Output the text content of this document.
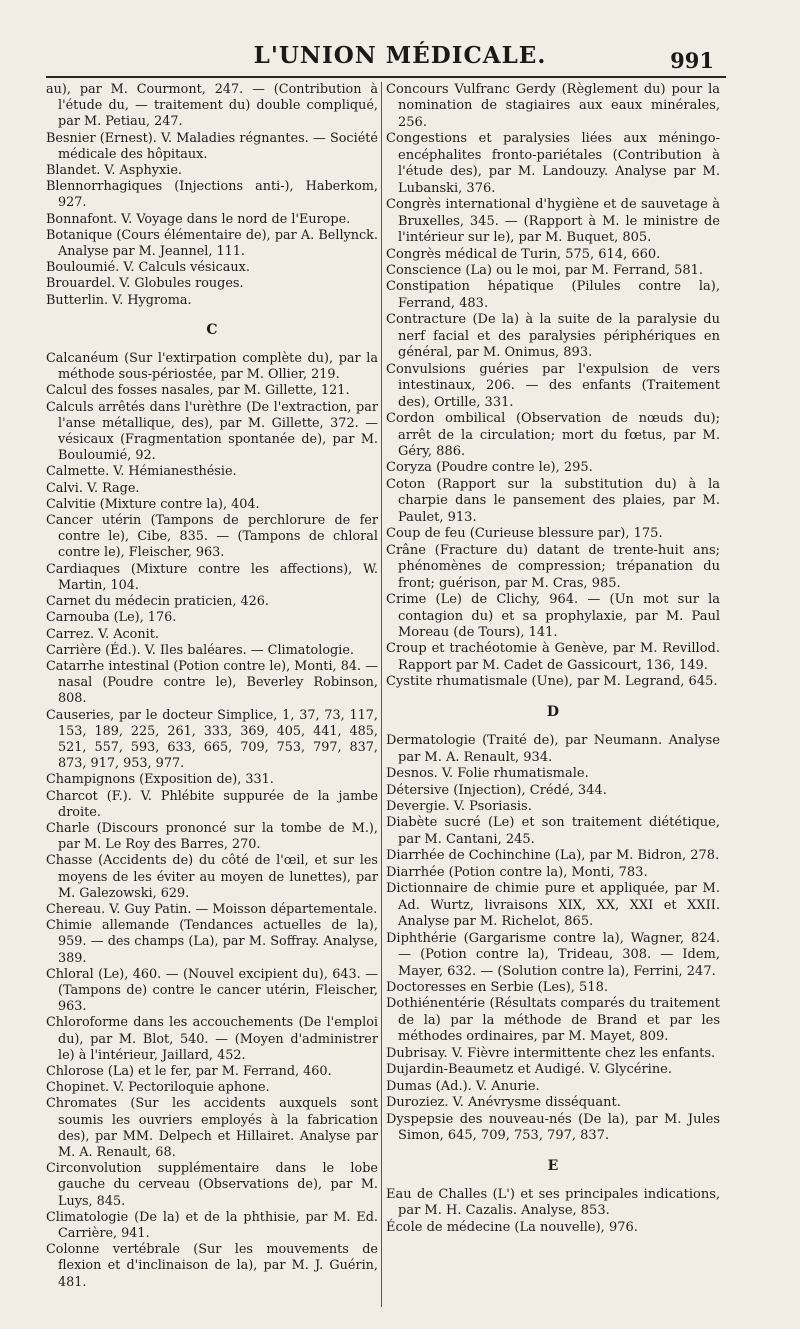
L'UNION MÉDICALE.	991

au), par M. Courmont, 247. — (Contribution à l'étude du, — traitement du) double compliqué, par M. Petiau, 247.

Besnier (Ernest). V. Maladies régnantes. — Société médicale des hôpitaux.

Blandet. V. Asphyxie.

Blennorrhagiques (Injections anti-), Haberkom, 927.

Bonnafont. V. Voyage dans le nord de l'Europe.

Botanique (Cours élémentaire de), par A. Bellynck. Analyse par M. Jeannel, 111.

Bouloumié. V. Calculs vésicaux.

Brouardel. V. Globules rouges.

Butterlin. V. Hygroma.

C

Calcanéum (Sur l'extirpation complète du), par la méthode sous-périostée, par M. Ollier, 219.

Calcul des fosses nasales, par M. Gillette, 121.

Calculs arrêtés dans l'urèthre (De l'extraction, par l'anse métallique, des), par M. Gillette, 372. — vésicaux (Fragmentation spontanée de), par M. Bouloumié, 92.

Calmette. V. Hémianesthésie.

Calvi. V. Rage.

Calvitie (Mixture contre la), 404.

Cancer utérin (Tampons de perchlorure de fer contre le), Cibe, 835. — (Tampons de chloral contre le), Fleischer, 963.

Cardiaques (Mixture contre les affections), W. Martin, 104.

Carnet du médecin praticien, 426.

Carnouba (Le), 176.

Carrez. V. Aconit.

Carrière (Éd.). V. Iles baléares. — Climatologie.

Catarrhe intestinal (Potion contre le), Monti, 84. — nasal (Poudre contre le), Beverley Robinson, 808.

Causeries, par le docteur Simplice, 1, 37, 73, 117, 153, 189, 225, 261, 333, 369, 405, 441, 485, 521, 557, 593, 633, 665, 709, 753, 797, 837, 873, 917, 953, 977.

Champignons (Exposition de), 331.

Charcot (F.). V. Phlébite suppurée de la jambe droite.

Charle (Discours prononcé sur la tombe de M.), par M. Le Roy des Barres, 270.

Chasse (Accidents de) du côté de l'œil, et sur les moyens de les éviter au moyen de lunettes), par M. Galezowski, 629.

Chereau. V. Guy Patin. — Moisson départementale.

Chimie allemande (Tendances actuelles de la), 959. — des champs (La), par M. Soffray. Analyse, 389.

Chloral (Le), 460. — (Nouvel excipient du), 643. — (Tampons de) contre le cancer utérin, Fleischer, 963.

Chloroforme dans les accouchements (De l'emploi du), par M. Blot, 540. — (Moyen d'administrer le) à l'intérieur, Jaillard, 452.

Chlorose (La) et le fer, par M. Ferrand, 460.

Chopinet. V. Pectoriloquie aphone.

Chromates (Sur les accidents auxquels sont soumis les ouvriers employés à la fabrication des), par MM. Delpech et Hillairet. Analyse par M. A. Renault, 68.

Circonvolution supplémentaire dans le lobe gauche du cerveau (Observations de), par M. Luys, 845.

Climatologie (De la) et de la phthisie, par M. Ed. Carrière, 941.

Colonne vertébrale (Sur les mouvements de flexion et d'inclinaison de la), par M. J. Guérin, 481.

Concours Vulfranc Gerdy (Règlement du) pour la nomination de stagiaires aux eaux minérales, 256.

Congestions et paralysies liées aux méningo-encéphalites fronto-pariétales (Contribution à l'étude des), par M. Landouzy. Analyse par M. Lubanski, 376.

Congrès international d'hygiène et de sauvetage à Bruxelles, 345. — (Rapport à M. le ministre de l'intérieur sur le), par M. Buquet, 805.

Congrès médical de Turin, 575, 614, 660.

Conscience (La) ou le moi, par M. Ferrand, 581.

Constipation hépatique (Pilules contre la), Ferrand, 483.

Contracture (De la) à la suite de la paralysie du nerf facial et des paralysies périphériques en général, par M. Onimus, 893.

Convulsions guéries par l'expulsion de vers intestinaux, 206. — des enfants (Traitement des), Ortille, 331.

Cordon ombilical (Observation de nœuds du); arrêt de la circulation; mort du fœtus, par M. Géry, 886.

Coryza (Poudre contre le), 295.

Coton (Rapport sur la substitution du) à la charpie dans le pansement des plaies, par M. Paulet, 913.

Coup de feu (Curieuse blessure par), 175.

Crâne (Fracture du) datant de trente-huit ans; phénomènes de compression; trépanation du front; guérison, par M. Cras, 985.

Crime (Le) de Clichy, 964. — (Un mot sur la contagion du) et sa prophylaxie, par M. Paul Moreau (de Tours), 141.

Croup et trachéotomie à Genève, par M. Revillod. Rapport par M. Cadet de Gassicourt, 136, 149.

Cystite rhumatismale (Une), par M. Legrand, 645.

D

Dermatologie (Traité de), par Neumann. Analyse par M. A. Renault, 934.

Desnos. V. Folie rhumatismale.

Détersive (Injection), Crédé, 344.

Devergie. V. Psoriasis.

Diabète sucré (Le) et son traitement diététique, par M. Cantani, 245.

Diarrhée de Cochinchine (La), par M. Bidron, 278.

Diarrhée (Potion contre la), Monti, 783.

Dictionnaire de chimie pure et appliquée, par M. Ad. Wurtz, livraisons XIX, XX, XXI et XXII. Analyse par M. Richelot, 865.

Diphthérie (Gargarisme contre la), Wagner, 824. — (Potion contre la), Trideau, 308. — Idem, Mayer, 632. — (Solution contre la), Ferrini, 247.

Doctoresses en Serbie (Les), 518.

Dothiénentérie (Résultats comparés du traitement de la) par la méthode de Brand et par les méthodes ordinaires, par M. Mayet, 809.

Dubrisay. V. Fièvre intermittente chez les enfants.

Dujardin-Beaumetz et Audigé. V. Glycérine.

Dumas (Ad.). V. Anurie.

Duroziez. V. Anévrysme disséquant.

Dyspepsie des nouveau-nés (De la), par M. Jules Simon, 645, 709, 753, 797, 837.

E

Eau de Challes (L') et ses principales indications, par M. H. Cazalis. Analyse, 853.

École de médecine (La nouvelle), 976.
